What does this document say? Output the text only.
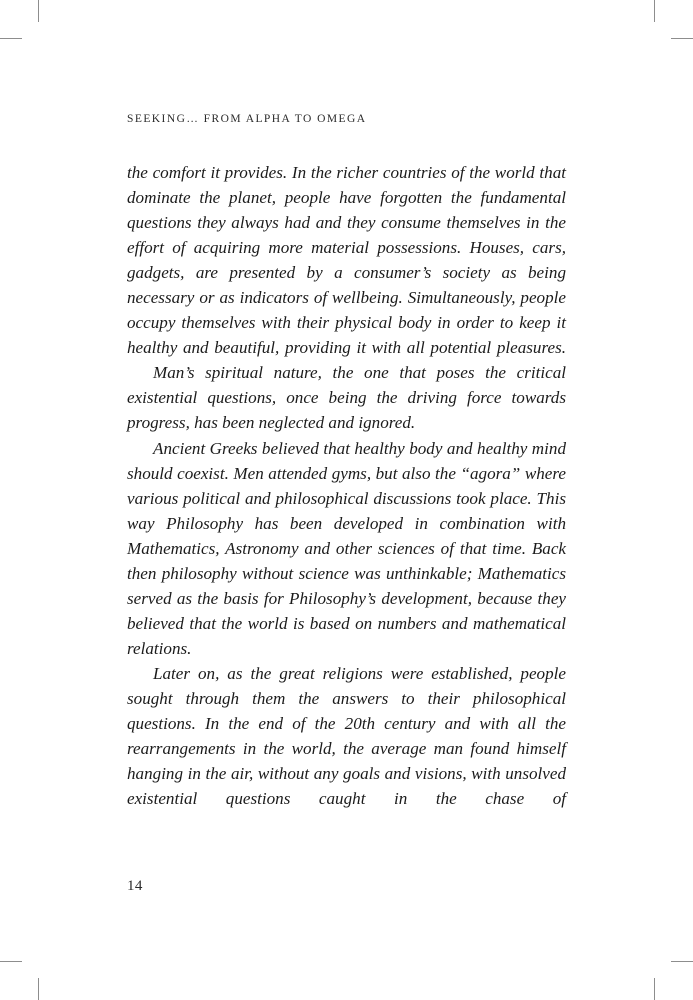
SEEKING… FROM ALPHA TO OMEGA

the comfort it provides. In the richer countries of the world that dominate the planet, people have forgotten the fundamental questions they always had and they consume themselves in the effort of acquiring more material possessions. Houses, cars, gadgets, are presented by a consumer’s society as being necessary or as indicators of wellbeing. Simultaneously, people occupy themselves with their physical body in order to keep it healthy and beautiful, providing it with all potential pleasures.

Man’s spiritual nature, the one that poses the critical existential questions, once being the driving force towards progress, has been neglected and ignored.

Ancient Greeks believed that healthy body and healthy mind should coexist. Men attended gyms, but also the “agora” where various political and philosophical discussions took place. This way Philosophy has been developed in combination with Mathematics, Astronomy and other sciences of that time. Back then philosophy without science was unthinkable; Mathematics served as the basis for Philosophy’s development, because they believed that the world is based on numbers and mathematical relations.

Later on, as the great religions were established, people sought through them the answers to their philosophical questions. In the end of the 20th century and with all the rearrangements in the world, the average man found himself hanging in the air, without any goals and visions, with unsolved existential questions caught in the chase of

14
